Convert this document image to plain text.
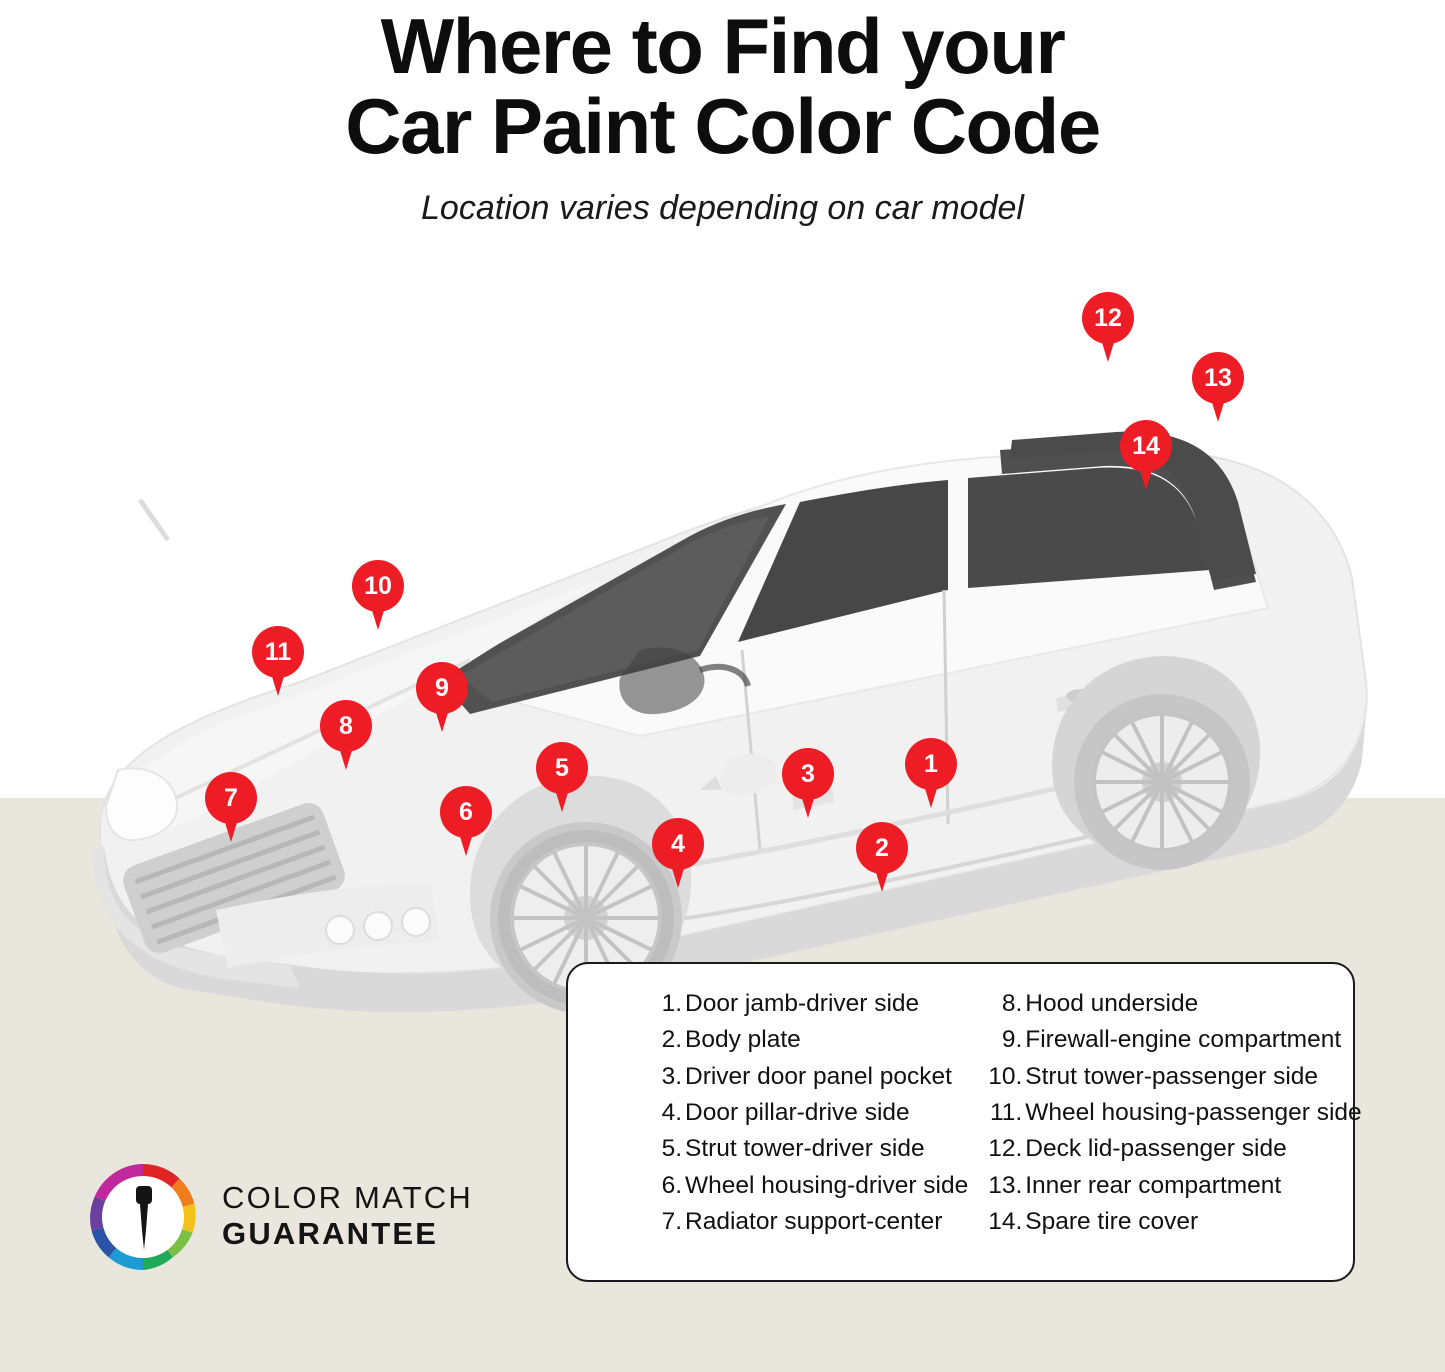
Where to Find your
Car Paint Color Code

Location varies depending on car model

1
2
3
4
5
6
7
8
9
10
11
12
13
14
1. Door jamb-driver side
2. Body plate
3. Driver door panel pocket
4. Door pillar-drive side
5. Strut tower-driver side
6. Wheel housing-driver side
7. Radiator support-center
8. Hood underside
9. Firewall-engine compartment
10. Strut tower-passenger side
11. Wheel housing-passenger side
12. Deck lid-passenger side
13. Inner rear compartment
14. Spare tire cover
COLOR MATCH
GUARANTEE
